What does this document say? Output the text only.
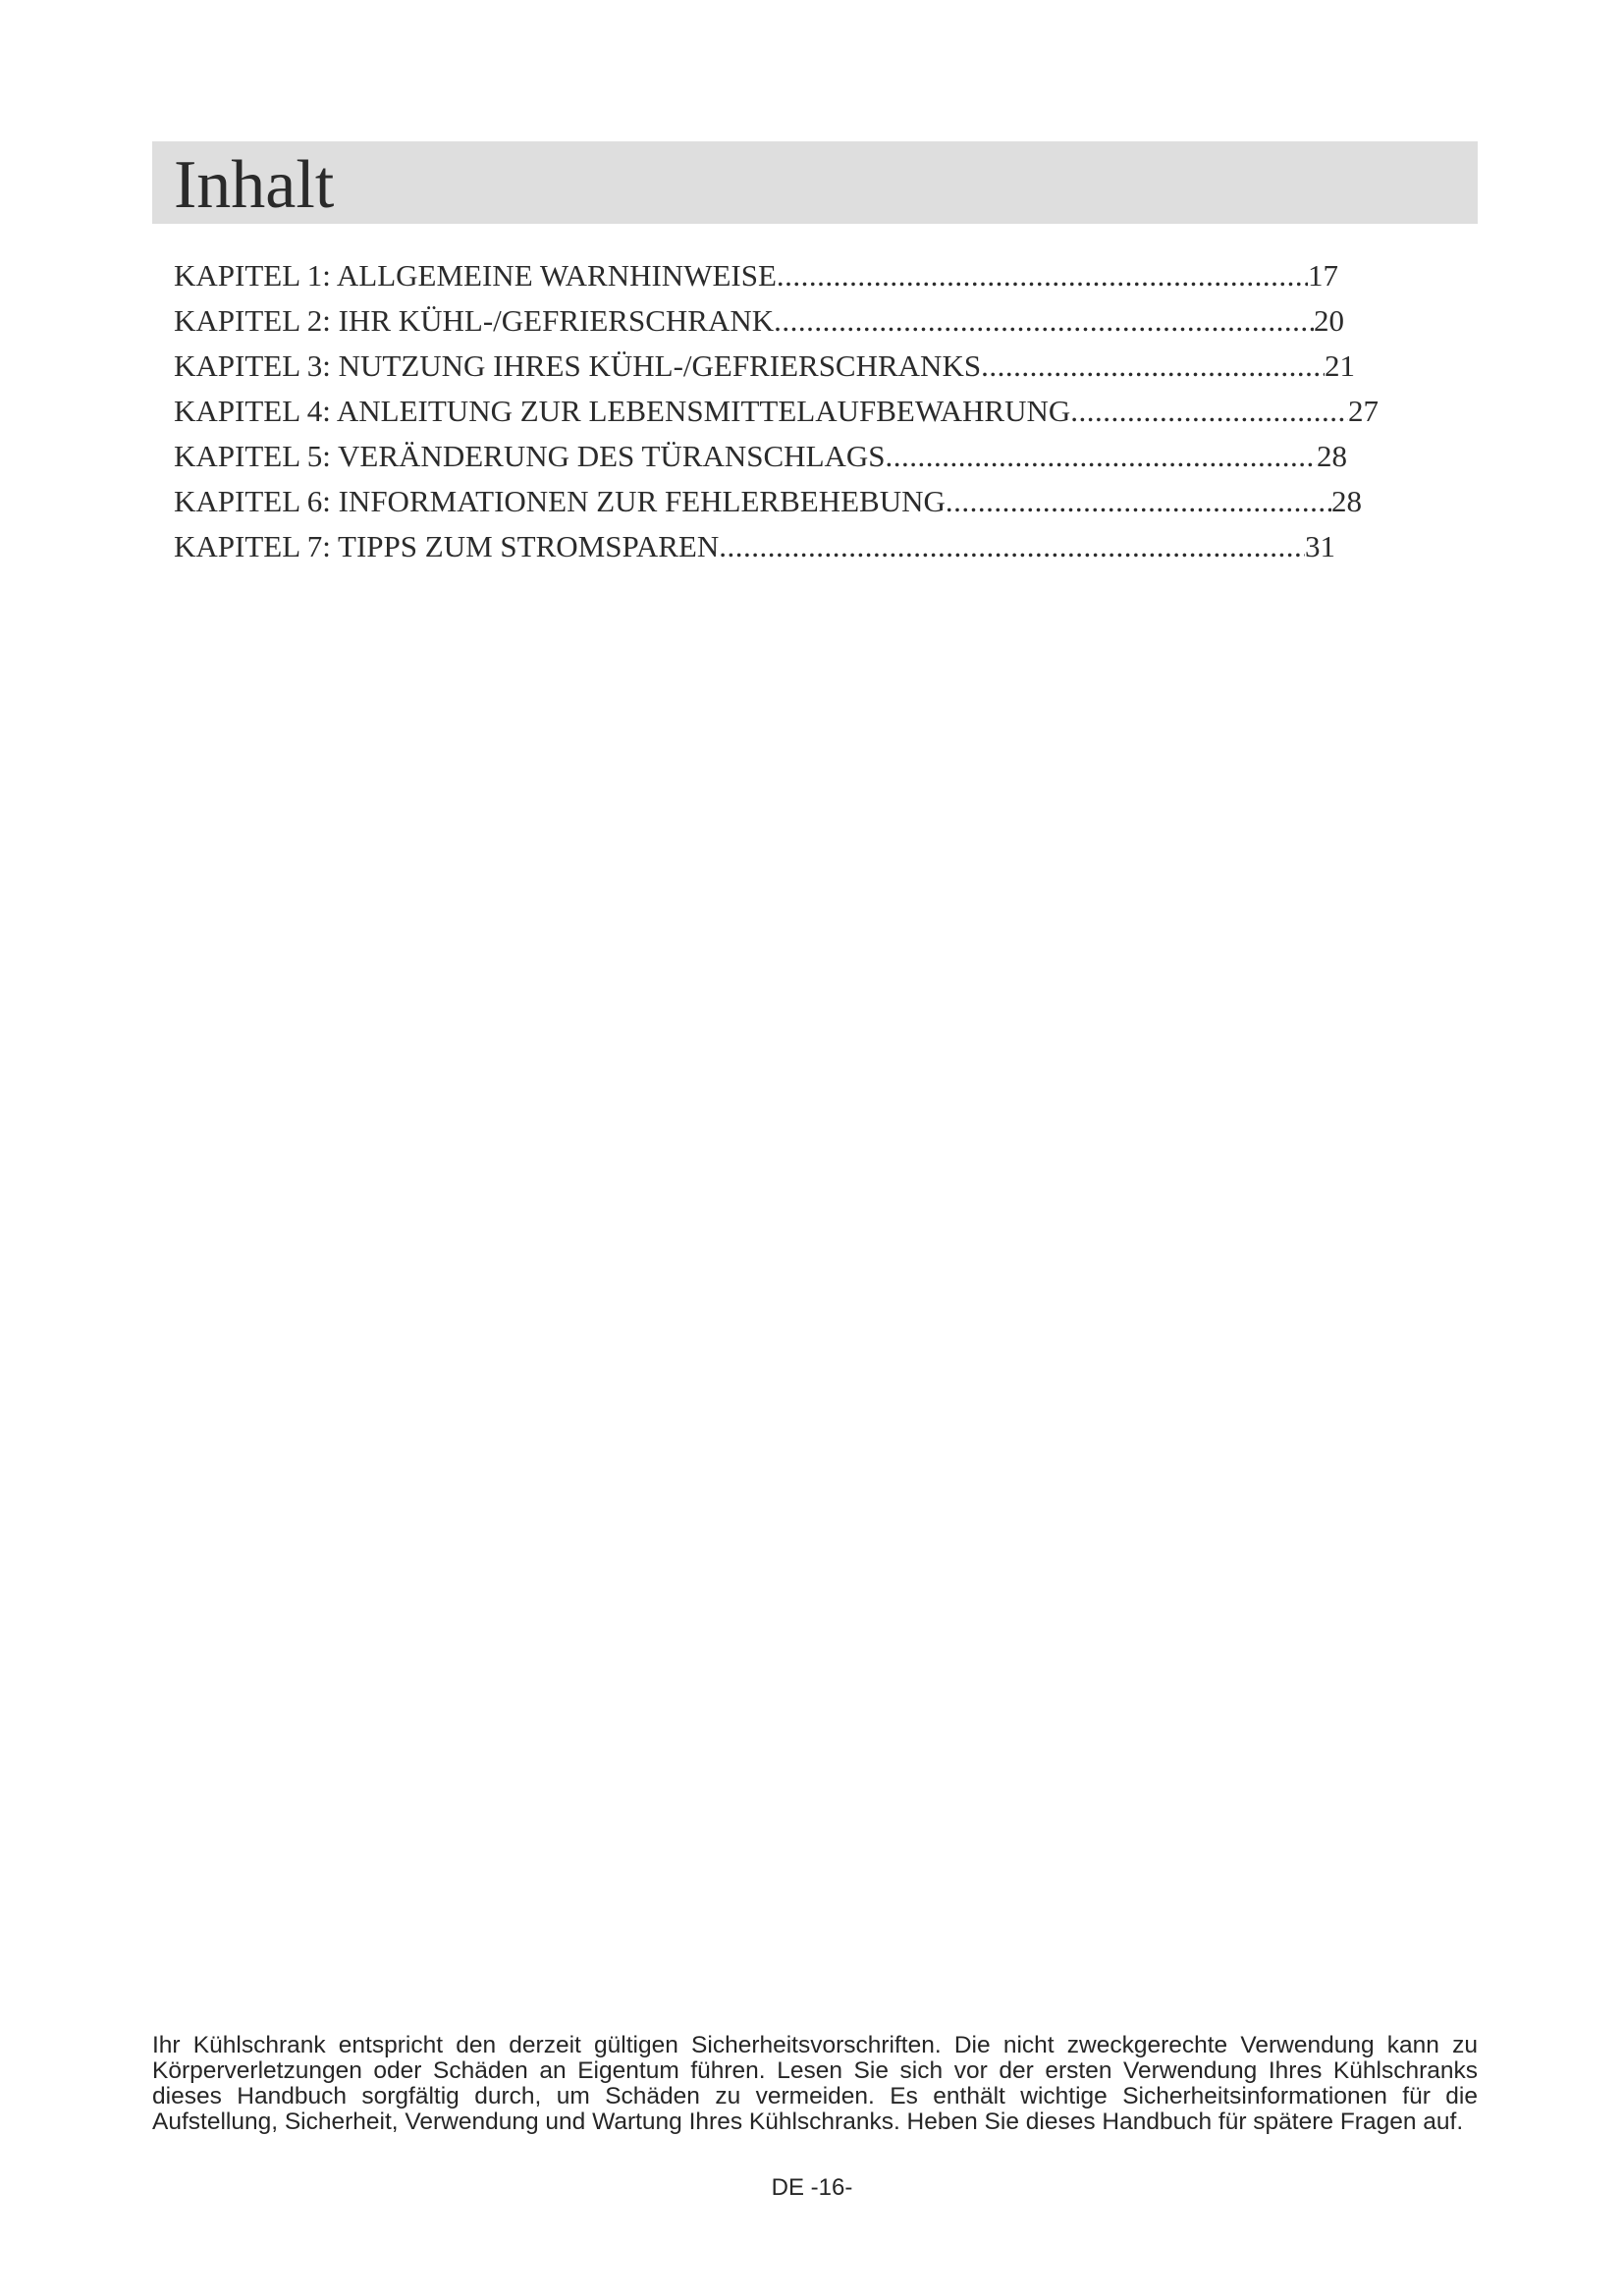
Inhalt
KAPITEL 1: ALLGEMEINE WARNHINWEISE .....	17
KAPITEL 2: IHR KÜHL-/GEFRIERSCHRANK .....	20
KAPITEL 3: NUTZUNG IHRES KÜHL-/GEFRIERSCHRANKS .....	21
KAPITEL 4: ANLEITUNG ZUR LEBENSMITTELAUFBEWAHRUNG .....	27
KAPITEL 5: VERÄNDERUNG DES TÜRANSCHLAGS .....	28
KAPITEL 6: INFORMATIONEN ZUR FEHLERBEHEBUNG .....	28
KAPITEL 7: TIPPS ZUM STROMSPAREN .....	31

Ihr Kühlschrank entspricht den derzeit gültigen Sicherheitsvorschriften. Die nicht zweckgerechte Verwendung kann zu Körperverletzungen oder Schäden an Eigentum führen. Lesen Sie sich vor der ersten Verwendung Ihres Kühlschranks dieses Handbuch sorgfältig durch, um Schäden zu vermeiden. Es enthält wichtige Sicherheitsinformationen für die Aufstellung, Sicherheit, Verwendung und Wartung Ihres Kühlschranks. Heben Sie dieses Handbuch für spätere Fragen auf.

DE -16-
